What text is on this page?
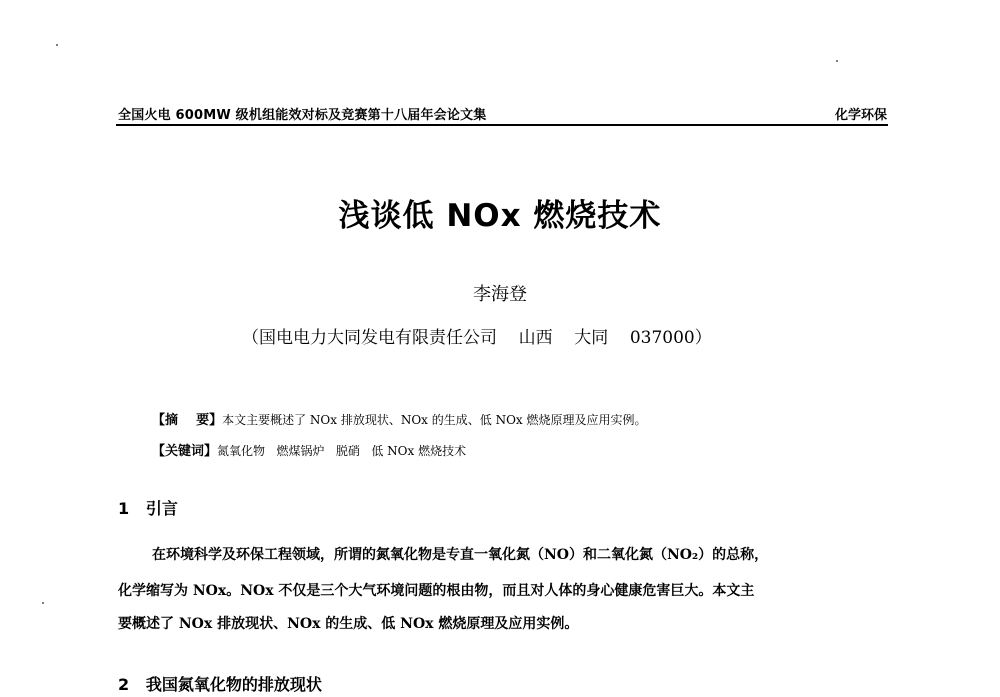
全国火电 600MW 级机组能效对标及竞赛第十八届年会论文集	化学环保
浅谈低 NOx 燃烧技术
李海登
（国电电力大同发电有限责任公司    山西    大同    037000）
【摘    要】本文主要概述了 NOx 排放现状、NOx 的生成、低 NOx 燃烧原理及应用实例。
【关键词】氮氧化物   燃煤锅炉   脱硝   低 NOx 燃烧技术
1   引言
在环境科学及环保工程领域，所谓的氮氧化物是专直一氧化氮（NO）和二氧化氮（NO₂）的总称，
化学缩写为 NOx。NOx 不仅是三个大气环境问题的根由物，而且对人体的身心健康危害巨大。本文主
要概述了 NOx 排放现状、NOx 的生成、低 NOx 燃烧原理及应用实例。
2   我国氮氧化物的排放现状
